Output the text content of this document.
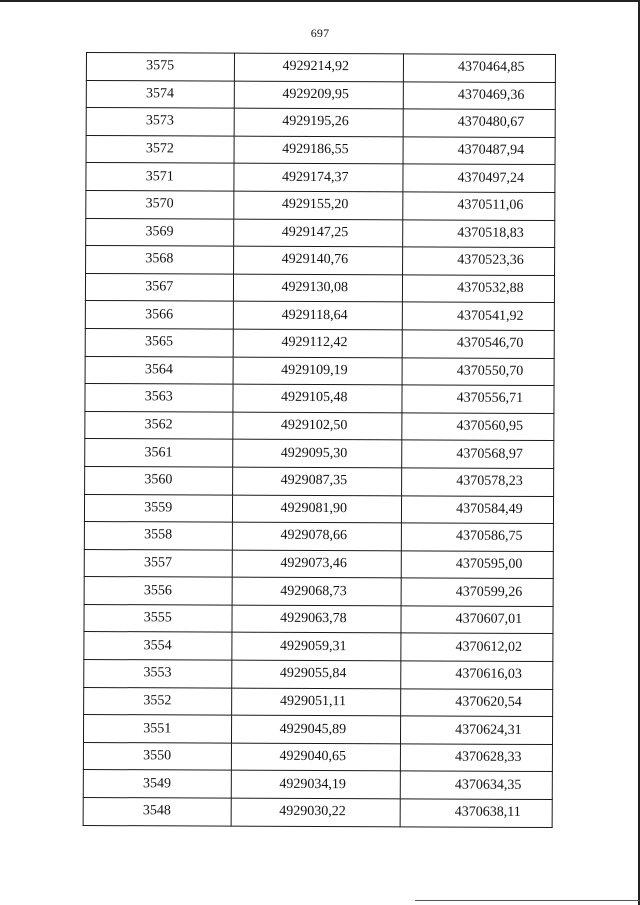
697
3575	4929214,92	4370464,85
3574	4929209,95	4370469,36
3573	4929195,26	4370480,67
3572	4929186,55	4370487,94
3571	4929174,37	4370497,24
3570	4929155,20	4370511,06
3569	4929147,25	4370518,83
3568	4929140,76	4370523,36
3567	4929130,08	4370532,88
3566	4929118,64	4370541,92
3565	4929112,42	4370546,70
3564	4929109,19	4370550,70
3563	4929105,48	4370556,71
3562	4929102,50	4370560,95
3561	4929095,30	4370568,97
3560	4929087,35	4370578,23
3559	4929081,90	4370584,49
3558	4929078,66	4370586,75
3557	4929073,46	4370595,00
3556	4929068,73	4370599,26
3555	4929063,78	4370607,01
3554	4929059,31	4370612,02
3553	4929055,84	4370616,03
3552	4929051,11	4370620,54
3551	4929045,89	4370624,31
3550	4929040,65	4370628,33
3549	4929034,19	4370634,35
3548	4929030,22	4370638,11
